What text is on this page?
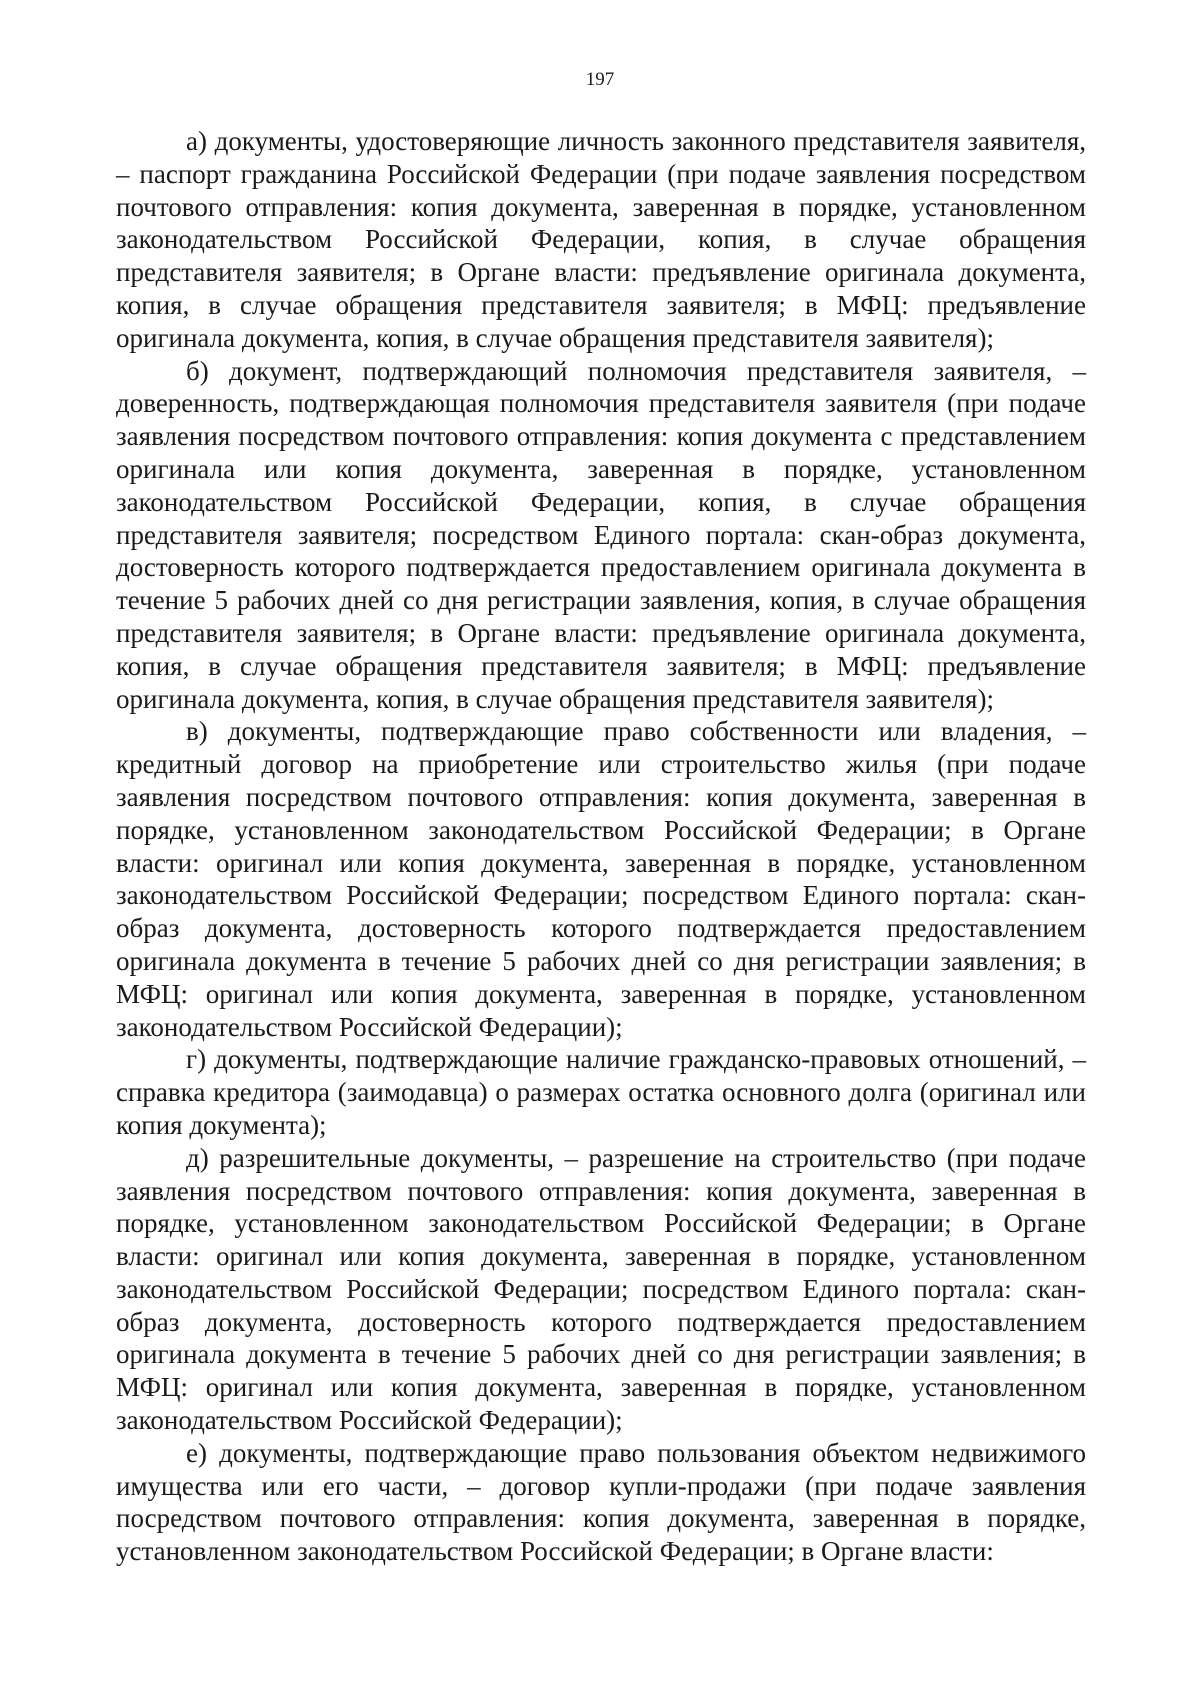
197

а) документы, удостоверяющие личность законного представителя заявителя, – паспорт гражданина Российской Федерации (при подаче заявления посредством почтового отправления: копия документа, заверенная в порядке, установленном законодательством Российской Федерации, копия, в случае обращения представителя заявителя; в Органе власти: предъявление оригинала документа, копия, в случае обращения представителя заявителя; в МФЦ: предъявление оригинала документа, копия, в случае обращения представителя заявителя);

б) документ, подтверждающий полномочия представителя заявителя, – доверенность, подтверждающая полномочия представителя заявителя (при подаче заявления посредством почтового отправления: копия документа с представлением оригинала или копия документа, заверенная в порядке, установленном законодательством Российской Федерации, копия, в случае обращения представителя заявителя; посредством Единого портала: скан-образ документа, достоверность которого подтверждается предоставлением оригинала документа в течение 5 рабочих дней со дня регистрации заявления, копия, в случае обращения представителя заявителя; в Органе власти: предъявление оригинала документа, копия, в случае обращения представителя заявителя; в МФЦ: предъявление оригинала документа, копия, в случае обращения представителя заявителя);

в) документы, подтверждающие право собственности или владения, – кредитный договор на приобретение или строительство жилья (при подаче заявления посредством почтового отправления: копия документа, заверенная в порядке, установленном законодательством Российской Федерации; в Органе власти: оригинал или копия документа, заверенная в порядке, установленном законодательством Российской Федерации; посредством Единого портала: скан-образ документа, достоверность которого подтверждается предоставлением оригинала документа в течение 5 рабочих дней со дня регистрации заявления; в МФЦ: оригинал или копия документа, заверенная в порядке, установленном законодательством Российской Федерации);

г) документы, подтверждающие наличие гражданско-правовых отношений, – справка кредитора (заимодавца) о размерах остатка основного долга (оригинал или копия документа);

д) разрешительные документы, – разрешение на строительство (при подаче заявления посредством почтового отправления: копия документа, заверенная в порядке, установленном законодательством Российской Федерации; в Органе власти: оригинал или копия документа, заверенная в порядке, установленном законодательством Российской Федерации; посредством Единого портала: скан-образ документа, достоверность которого подтверждается предоставлением оригинала документа в течение 5 рабочих дней со дня регистрации заявления; в МФЦ: оригинал или копия документа, заверенная в порядке, установленном законодательством Российской Федерации);

е) документы, подтверждающие право пользования объектом недвижимого имущества или его части, – договор купли-продажи (при подаче заявления посредством почтового отправления: копия документа, заверенная в порядке, установленном законодательством Российской Федерации; в Органе власти:
